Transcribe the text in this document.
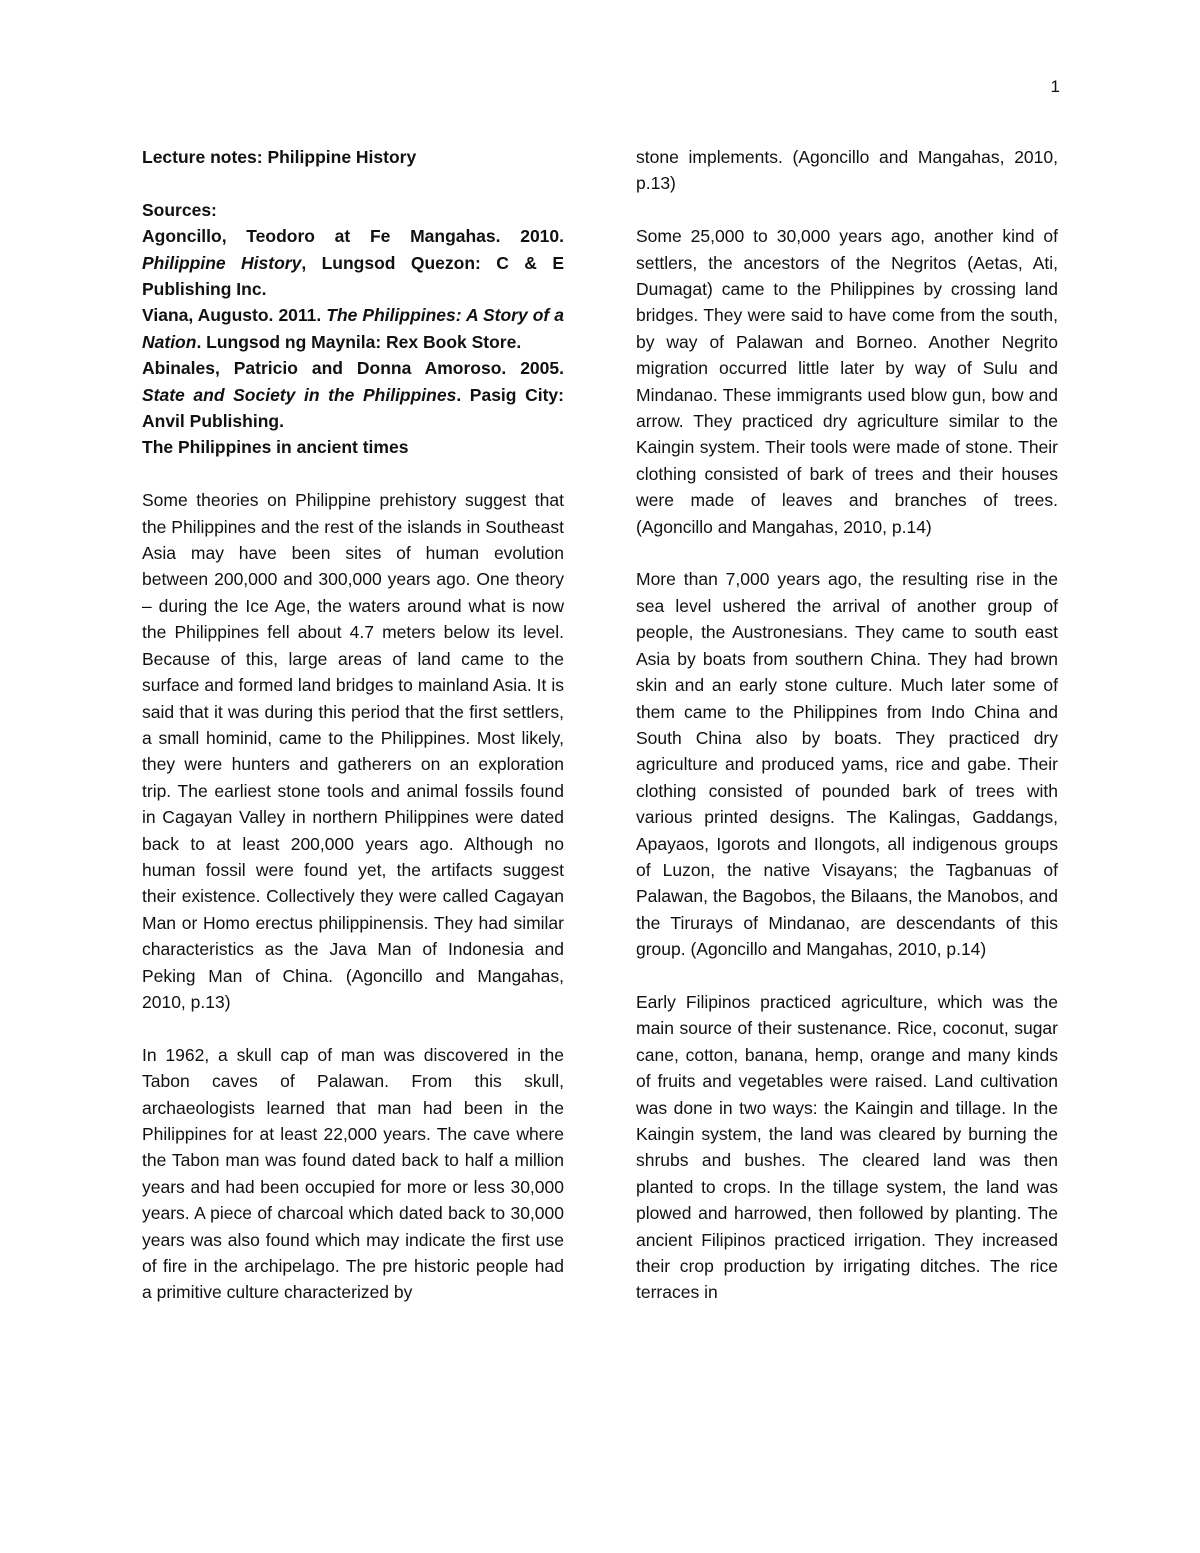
1

Lecture notes: Philippine History

Sources:
Agoncillo, Teodoro at Fe Mangahas. 2010. Philippine History, Lungsod Quezon: C & E Publishing Inc.
Viana, Augusto. 2011. The Philippines: A Story of a Nation. Lungsod ng Maynila: Rex Book Store.
Abinales, Patricio and Donna Amoroso. 2005. State and Society in the Philippines. Pasig City: Anvil Publishing.

The Philippines in ancient times

Some theories on Philippine prehistory suggest that the Philippines and the rest of the islands in Southeast Asia may have been sites of human evolution between 200,000 and 300,000 years ago. One theory – during the Ice Age, the waters around what is now the Philippines fell about 4.7 meters below its level. Because of this, large areas of land came to the surface and formed land bridges to mainland Asia. It is said that it was during this period that the first settlers, a small hominid, came to the Philippines. Most likely, they were hunters and gatherers on an exploration trip. The earliest stone tools and animal fossils found in Cagayan Valley in northern Philippines were dated back to at least 200,000 years ago. Although no human fossil were found yet, the artifacts suggest their existence. Collectively they were called Cagayan Man or Homo erectus philippinensis. They had similar characteristics as the Java Man of Indonesia and Peking Man of China. (Agoncillo and Mangahas, 2010, p.13)

In 1962, a skull cap of man was discovered in the Tabon caves of Palawan. From this skull, archaeologists learned that man had been in the Philippines for at least 22,000 years. The cave where the Tabon man was found dated back to half a million years and had been occupied for more or less 30,000 years. A piece of charcoal which dated back to 30,000 years was also found which may indicate the first use of fire in the archipelago. The pre historic people had a primitive culture characterized by

stone implements. (Agoncillo and Mangahas, 2010, p.13)

Some 25,000 to 30,000 years ago, another kind of settlers, the ancestors of the Negritos (Aetas, Ati, Dumagat) came to the Philippines by crossing land bridges. They were said to have come from the south, by way of Palawan and Borneo. Another Negrito migration occurred little later by way of Sulu and Mindanao. These immigrants used blow gun, bow and arrow. They practiced dry agriculture similar to the Kaingin system. Their tools were made of stone. Their clothing consisted of bark of trees and their houses were made of leaves and branches of trees. (Agoncillo and Mangahas, 2010, p.14)

More than 7,000 years ago, the resulting rise in the sea level ushered the arrival of another group of people, the Austronesians. They came to south east Asia by boats from southern China. They had brown skin and an early stone culture. Much later some of them came to the Philippines from Indo China and South China also by boats. They practiced dry agriculture and produced yams, rice and gabe. Their clothing consisted of pounded bark of trees with various printed designs. The Kalingas, Gaddangs, Apayaos, Igorots and Ilongots, all indigenous groups of Luzon, the native Visayans; the Tagbanuas of Palawan, the Bagobos, the Bilaans, the Manobos, and the Tirurays of Mindanao, are descendants of this group. (Agoncillo and Mangahas, 2010, p.14)

Early Filipinos practiced agriculture, which was the main source of their sustenance. Rice, coconut, sugar cane, cotton, banana, hemp, orange and many kinds of fruits and vegetables were raised. Land cultivation was done in two ways: the Kaingin and tillage. In the Kaingin system, the land was cleared by burning the shrubs and bushes. The cleared land was then planted to crops. In the tillage system, the land was plowed and harrowed, then followed by planting. The ancient Filipinos practiced irrigation. They increased their crop production by irrigating ditches. The rice terraces in
